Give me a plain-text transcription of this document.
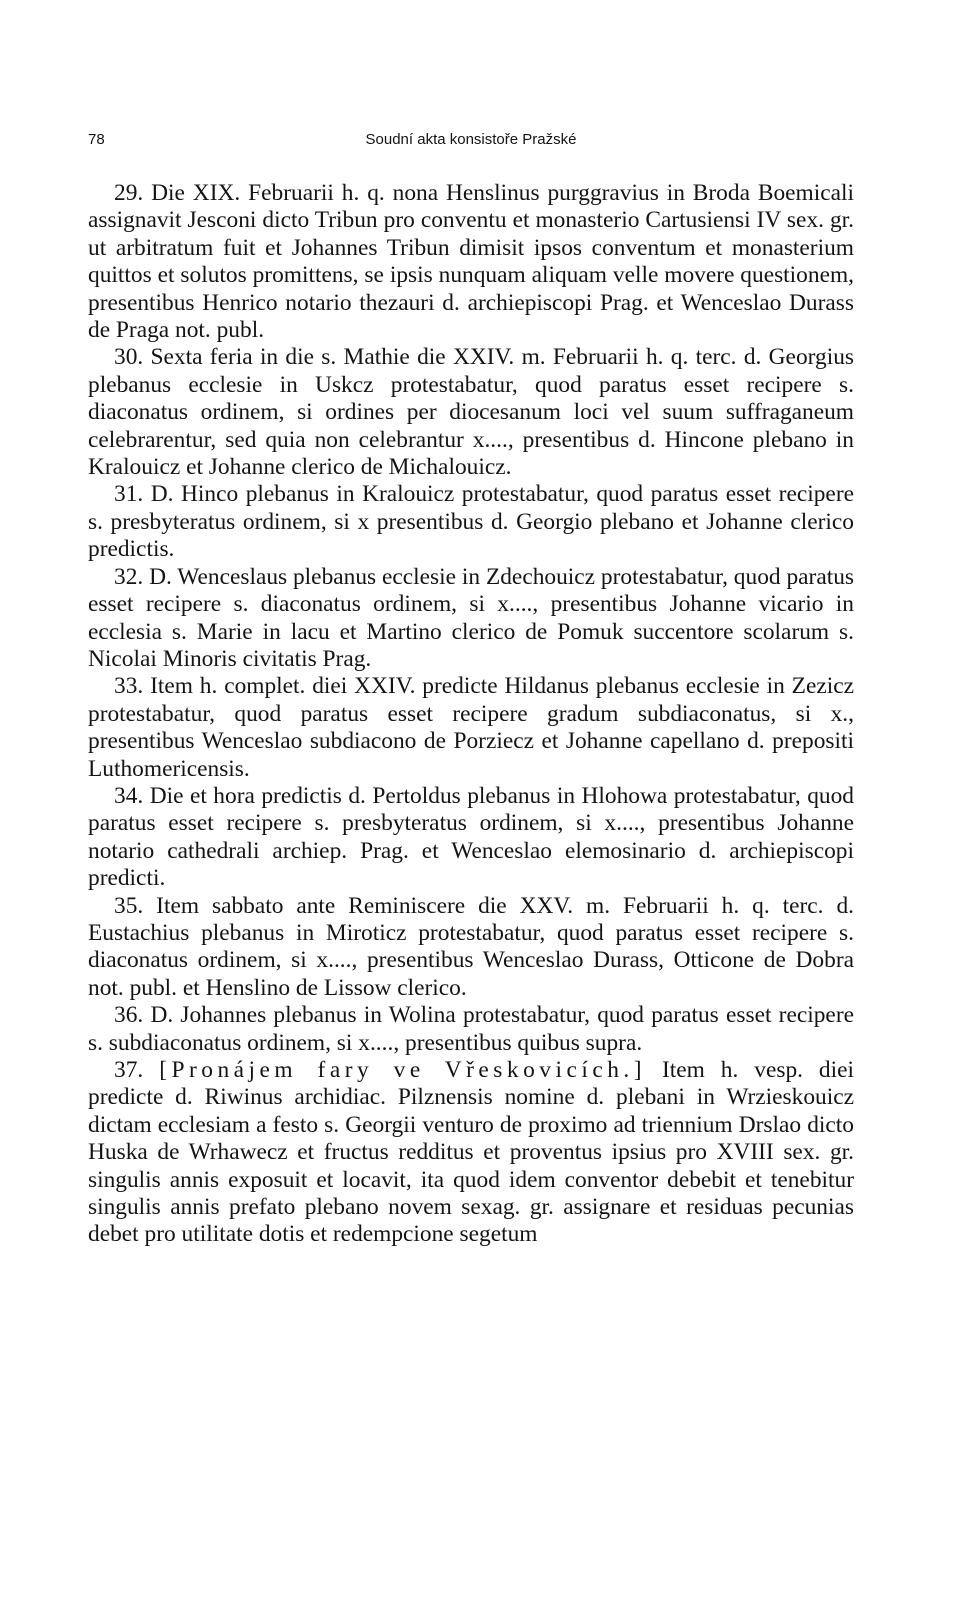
78	Soudní akta konsistoře Pražské

29. Die XIX. Februarii h. q. nona Henslinus purggravius in Broda Boemicali assignavit Jesconi dicto Tribun pro conventu et monasterio Cartusiensi IV sex. gr. ut arbitratum fuit et Johannes Tribun dimisit ipsos conventum et monasterium quittos et solutos promittens, se ipsis nunquam aliquam velle movere questionem, presentibus Henrico notario thezauri d. archiepiscopi Prag. et Wenceslao Durass de Praga not. publ.

30. Sexta feria in die s. Mathie die XXIV. m. Februarii h. q. terc. d. Georgius plebanus ecclesie in Uskcz protestabatur, quod paratus esset recipere s. diaconatus ordinem, si ordines per diocesanum loci vel suum suffraganeum celebrarentur, sed quia non celebrantur x...., presentibus d. Hincone plebano in Kralouicz et Johanne clerico de Michalouicz.

31. D. Hinco plebanus in Kralouicz protestabatur, quod paratus esset recipere s. presbyteratus ordinem, si x presentibus d. Georgio plebano et Johanne clerico predictis.

32. D. Wenceslaus plebanus ecclesie in Zdechouicz protestabatur, quod paratus esset recipere s. diaconatus ordinem, si x...., presentibus Johanne vicario in ecclesia s. Marie in lacu et Martino clerico de Pomuk succentore scolarum s. Nicolai Minoris civitatis Prag.

33. Item h. complet. diei XXIV. predicte Hildanus plebanus ecclesie in Zezicz protestabatur, quod paratus esset recipere gradum subdiaconatus, si x., presentibus Wenceslao subdiacono de Porziecz et Johanne capellano d. prepositi Luthomericensis.

34. Die et hora predictis d. Pertoldus plebanus in Hlohowa protestabatur, quod paratus esset recipere s. presbyteratus ordinem, si x...., presentibus Johanne notario cathedrali archiep. Prag. et Wenceslao elemosinario d. archiepiscopi predicti.

35. Item sabbato ante Reminiscere die XXV. m. Februarii h. q. terc. d. Eustachius plebanus in Miroticz protestabatur, quod paratus esset recipere s. diaconatus ordinem, si x...., presentibus Wenceslao Durass, Otticone de Dobra not. publ. et Henslino de Lissow clerico.

36. D. Johannes plebanus in Wolina protestabatur, quod paratus esset recipere s. subdiaconatus ordinem, si x...., presentibus quibus supra.

37. [Pronájem fary ve Vřeskovicích.] Item h. vesp. diei predicte d. Riwinus archidiac. Pilznensis nomine d. plebani in Wrzieskouicz dictam ecclesiam a festo s. Georgii venturo de proximo ad triennium Drslao dicto Huska de Wrhawecz et fructus redditus et proventus ipsius pro XVIII sex. gr. singulis annis exposuit et locavit, ita quod idem conventor debebit et tenebitur singulis annis prefato plebano novem sexag. gr. assignare et residuas pecunias debet pro utilitate dotis et redempcione segetum
